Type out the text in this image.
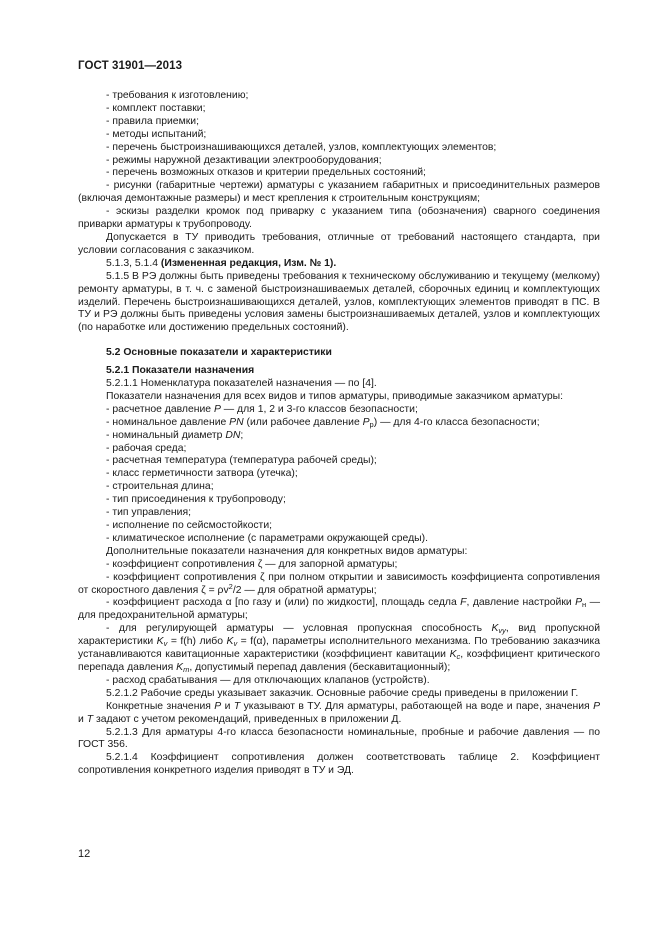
ГОСТ 31901—2013

- требования к изготовлению;

- комплект поставки;

- правила приемки;

- методы испытаний;

- перечень быстроизнашивающихся деталей, узлов, комплектующих элементов;

- режимы наружной дезактивации электрооборудования;

- перечень возможных отказов и критерии предельных состояний;

- рисунки (габаритные чертежи) арматуры с указанием габаритных и присоединительных размеров (включая демонтажные размеры) и мест крепления к строительным конструкциям;

- эскизы разделки кромок под приварку с указанием типа (обозначения) сварного соединения приварки арматуры к трубопроводу.

Допускается в ТУ приводить требования, отличные от требований настоящего стандарта, при условии согласования с заказчиком.

5.1.3, 5.1.4 (Измененная редакция, Изм. № 1).

5.1.5 В РЭ должны быть приведены требования к техническому обслуживанию и текущему (мелкому) ремонту арматуры, в т. ч. с заменой быстроизнашиваемых деталей, сборочных единиц и комплектующих изделий. Перечень быстроизнашивающихся деталей, узлов, комплектующих элементов приводят в ПС. В ТУ и РЭ должны быть приведены условия замены быстроизнашиваемых деталей, узлов и комплектующих (по наработке или достижению предельных состояний).

5.2 Основные показатели и характеристики

5.2.1 Показатели назначения

5.2.1.1 Номенклатура показателей назначения — по [4].

Показатели назначения для всех видов и типов арматуры, приводимые заказчиком арматуры:

- расчетное давление P — для 1, 2 и 3-го классов безопасности;

- номинальное давление PN (или рабочее давление $P_р$) — для 4-го класса безопасности;

- номинальный диаметр DN;

- рабочая среда;

- расчетная температура (температура рабочей среды);

- класс герметичности затвора (утечка);

- строительная длина;

- тип присоединения к трубопроводу;

- тип управления;

- исполнение по сейсмостойкости;

- климатическое исполнение (с параметрами окружающей среды).

Дополнительные показатели назначения для конкретных видов арматуры:

- коэффициент сопротивления ζ — для запорной арматуры;

- коэффициент сопротивления ζ при полном открытии и зависимость коэффициента сопротивления от скоростного давления $\zeta = \rho v^2/2$ — для обратной арматуры;

- коэффициент расхода α [по газу и (или) по жидкости], площадь седла F, давление настройки $P_н$ — для предохранительной арматуры;

- для регулирующей арматуры — условная пропускная способность $K_{vy}$, вид пропускной характеристики $K_v = f(h)$ либо $K_v = f(\alpha)$, параметры исполнительного механизма. По требованию заказчика устанавливаются кавитационные характеристики (коэффициент кавитации $K_c$, коэффициент критического перепада давления $K_m$, допустимый перепад давления (бескавитационный);

- расход срабатывания — для отключающих клапанов (устройств).

5.2.1.2 Рабочие среды указывает заказчик. Основные рабочие среды приведены в приложении Г.

Конкретные значения P и T указывают в ТУ. Для арматуры, работающей на воде и паре, значения P и T задают с учетом рекомендаций, приведенных в приложении Д.

5.2.1.3 Для арматуры 4-го класса безопасности номинальные, пробные и рабочие давления — по ГОСТ 356.

5.2.1.4 Коэффициент сопротивления должен соответствовать таблице 2. Коэффициент сопротивления конкретного изделия приводят в ТУ и ЭД.

12
